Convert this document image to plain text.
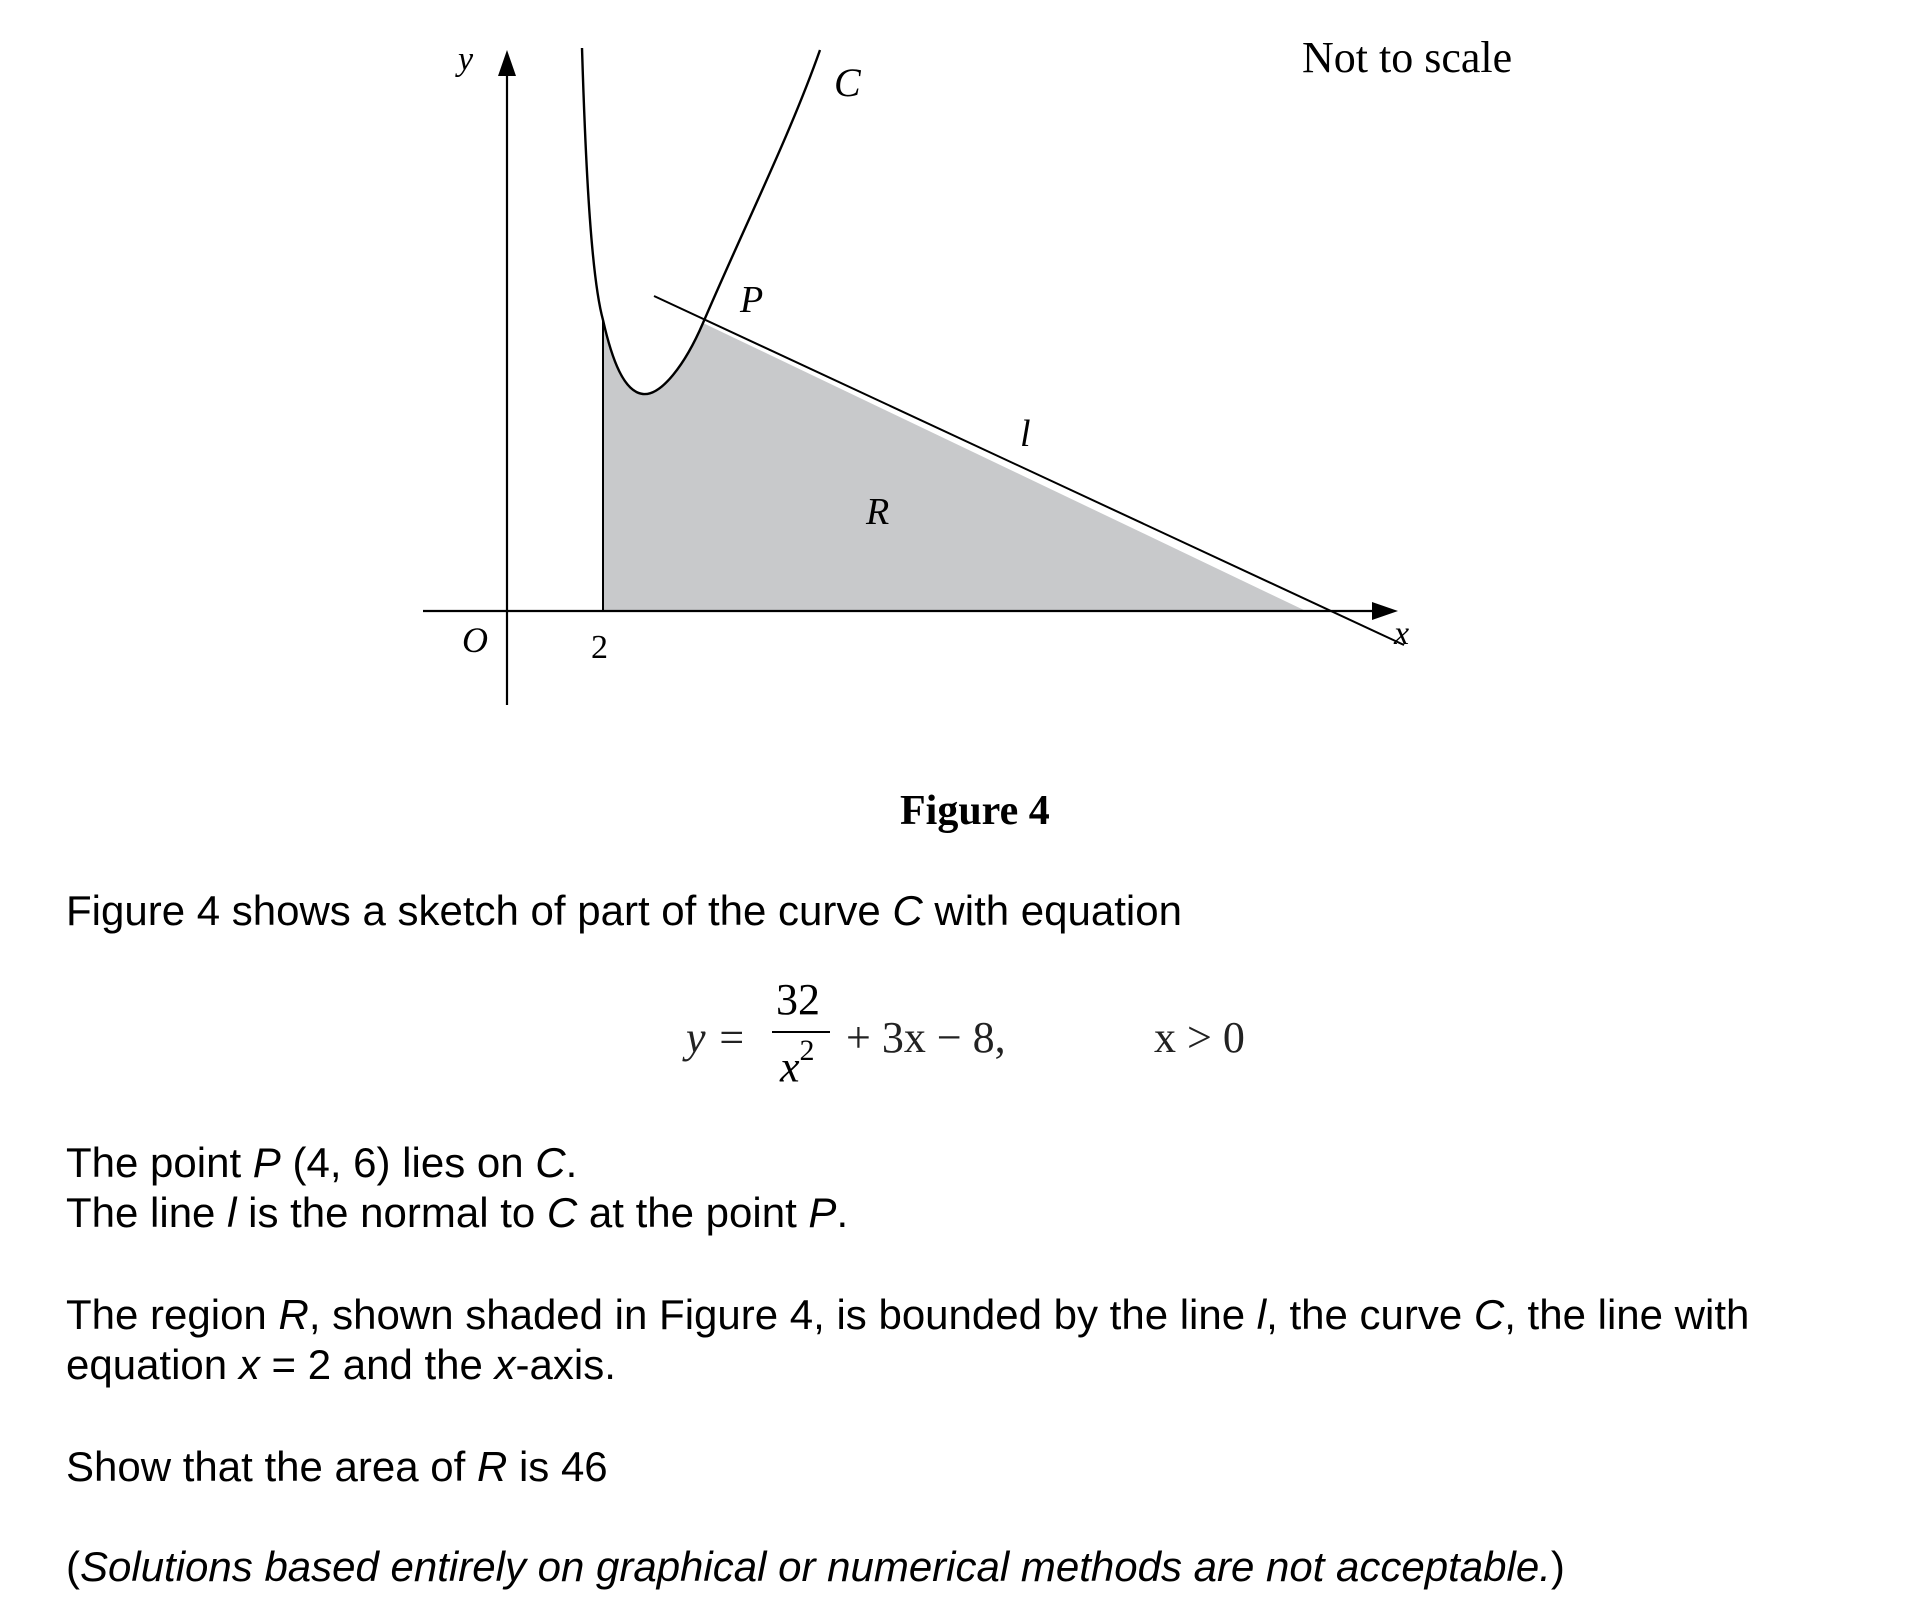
Not to scale
y
x
O	2
C
P
l
R
Figure 4
Figure 4 shows a sketch of part of the curve C with equation
y =
32
$x^2 + 3x - 8$,	x > 0
The point P (4, 6) lies on C.
The line l is the normal to C at the point P.
The region R, shown shaded in Figure 4, is bounded by the line l, the curve C, the line with
equation x = 2 and the x-axis.
Show that the area of R is 46
(Solutions based entirely on graphical or numerical methods are not acceptable.)
